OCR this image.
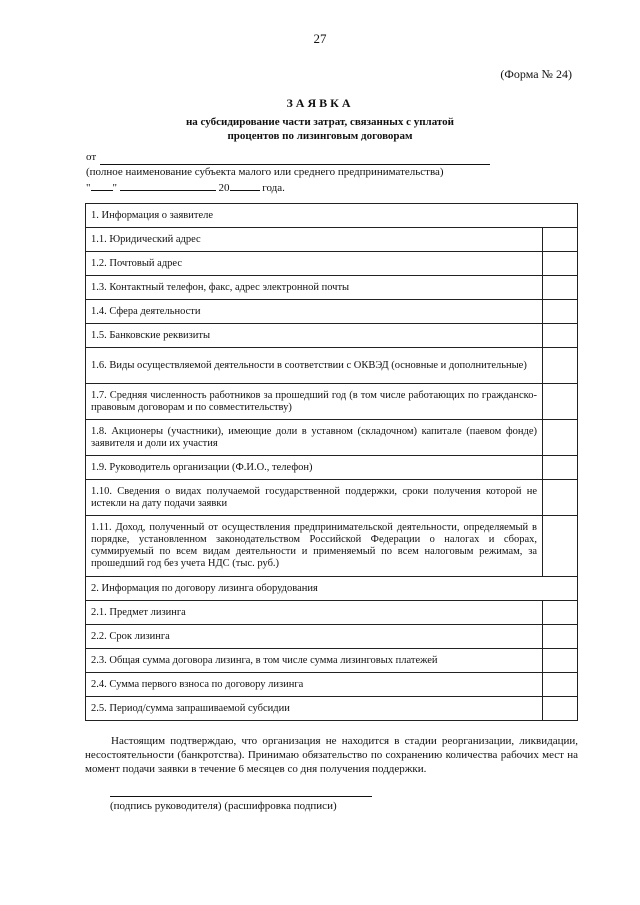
27
(Форма № 24)
ЗАЯВКА
на субсидирование части затрат, связанных с уплатой
процентов по лизинговым договорам
от
(полное наименование субъекта малого или среднего предпринимательства)
" "	20	года.
1. Информация о заявителе	
1.1. Юридический адрес	
1.2. Почтовый адрес	
1.3. Контактный телефон, факс, адрес электронной почты	
1.4. Сфера деятельности	
1.5. Банковские реквизиты	
1.6. Виды осуществляемой деятельности в соответствии с ОКВЭД (основные и дополнительные)	
1.7. Средняя численность работников за прошедший год (в том числе работающих по гражданско-правовым договорам и по совместительству)	
1.8. Акционеры (участники), имеющие доли в уставном (складочном) капитале (паевом фонде) заявителя и доли их участия	
1.9. Руководитель организации (Ф.И.О., телефон)	
1.10. Сведения о видах получаемой государственной поддержки, сроки получения которой не истекли на дату подачи заявки	
1.11. Доход, полученный от осуществления предпринимательской деятельности, определяемый в порядке, установленном законодательством Российской Федерации о налогах и сборах, суммируемый по всем видам деятельности и применяемый по всем налоговым режимам, за прошедший год без учета НДС (тыс. руб.)	
2. Информация по договору лизинга оборудования	
2.1. Предмет лизинга	
2.2. Срок лизинга	
2.3. Общая сумма договора лизинга, в том числе сумма лизинговых платежей	
2.4. Сумма первого взноса по договору лизинга	
2.5. Период/сумма запрашиваемой субсидии	
Настоящим подтверждаю, что организация не находится в стадии реорганизации, ликвидации, несостоятельности (банкротства). Принимаю обязательство по сохранению количества рабочих мест на момент подачи заявки в течение 6 месяцев со дня получения поддержки.
(подпись руководителя) (расшифровка подписи)
